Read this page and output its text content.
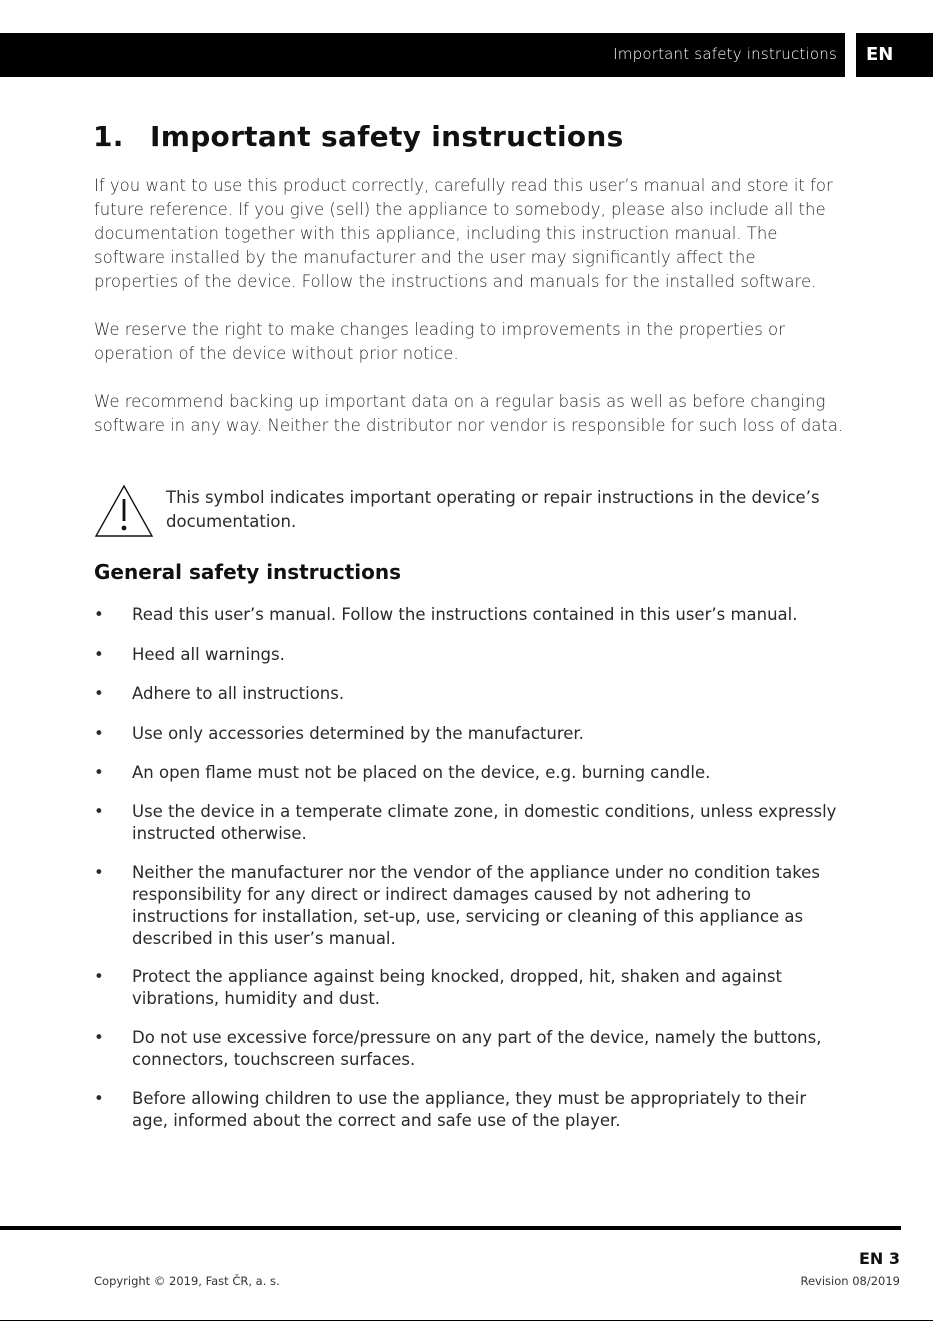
Important safety instructions EN
1. Important safety instructions

If you want to use this product correctly, carefully read this user’s manual and store it for future reference. If you give (sell) the appliance to somebody, please also include all the documentation together with this appliance, including this instruction manual. The software installed by the manufacturer and the user may significantly affect the properties of the device. Follow the instructions and manuals for the installed software.

We reserve the right to make changes leading to improvements in the properties or operation of the device without prior notice.

We recommend backing up important data on a regular basis as well as before changing software in any way. Neither the distributor nor vendor is responsible for such loss of data.

This symbol indicates important operating or repair instructions in the device’s documentation.

General safety instructions
• Read this user’s manual. Follow the instructions contained in this user’s manual.
• Heed all warnings.
• Adhere to all instructions.
• Use only accessories determined by the manufacturer.
• An open flame must not be placed on the device, e.g. burning candle.
• Use the device in a temperate climate zone, in domestic conditions, unless expressly instructed otherwise.
• Neither the manufacturer nor the vendor of the appliance under no condition takes responsibility for any direct or indirect damages caused by not adhering to instructions for installation, set-up, use, servicing or cleaning of this appliance as described in this user’s manual.
• Protect the appliance against being knocked, dropped, hit, shaken and against vibrations, humidity and dust.
• Do not use excessive force/pressure on any part of the device, namely the buttons, connectors, touchscreen surfaces.
• Before allowing children to use the appliance, they must be appropriately to their age, informed about the correct and safe use of the player.
Copyright © 2019, Fast ČR, a. s.
EN 3
Revision 08/2019
